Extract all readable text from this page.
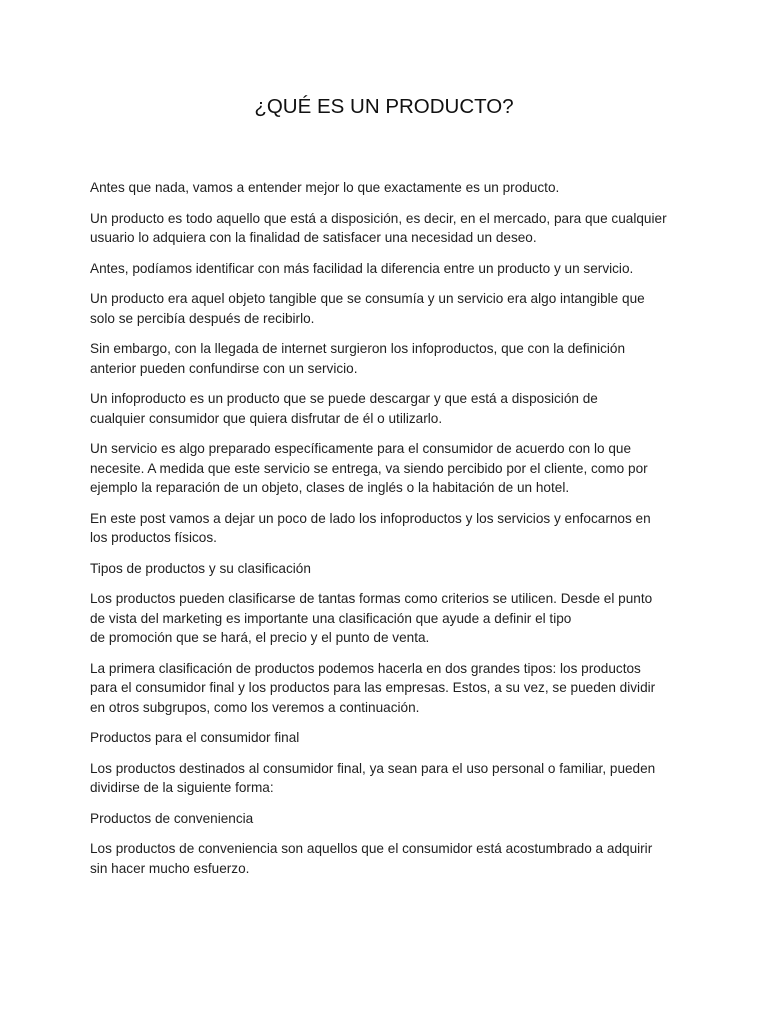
¿QUÉ ES UN PRODUCTO?

Antes que nada, vamos a entender mejor lo que exactamente es un producto.

Un producto es todo aquello que está a disposición, es decir, en el mercado, para que cualquier
usuario lo adquiera con la finalidad de satisfacer una necesidad un deseo.

Antes, podíamos identificar con más facilidad la diferencia entre un producto y un servicio.

Un producto era aquel objeto tangible que se consumía y un servicio era algo intangible que
solo se percibía después de recibirlo.

Sin embargo, con la llegada de internet surgieron los infoproductos, que con la definición
anterior pueden confundirse con un servicio.

Un infoproducto es un producto que se puede descargar y que está a disposición de
cualquier consumidor que quiera disfrutar de él o utilizarlo.

Un servicio es algo preparado específicamente para el consumidor de acuerdo con lo que
necesite. A medida que este servicio se entrega, va siendo percibido por el cliente, como por
ejemplo la reparación de un objeto, clases de inglés o la habitación de un hotel.

En este post vamos a dejar un poco de lado los infoproductos y los servicios y enfocarnos en
los productos físicos.

Tipos de productos y su clasificación

Los productos pueden clasificarse de tantas formas como criterios se utilicen. Desde el punto
de vista del marketing es importante una clasificación que ayude a definir el tipo
de promoción que se hará, el precio y el punto de venta.

La primera clasificación de productos podemos hacerla en dos grandes tipos: los productos
para el consumidor final y los productos para las empresas. Estos, a su vez, se pueden dividir
en otros subgrupos, como los veremos a continuación.

Productos para el consumidor final

Los productos destinados al consumidor final, ya sean para el uso personal o familiar, pueden
dividirse de la siguiente forma:

Productos de conveniencia

Los productos de conveniencia son aquellos que el consumidor está acostumbrado a adquirir
sin hacer mucho esfuerzo.
